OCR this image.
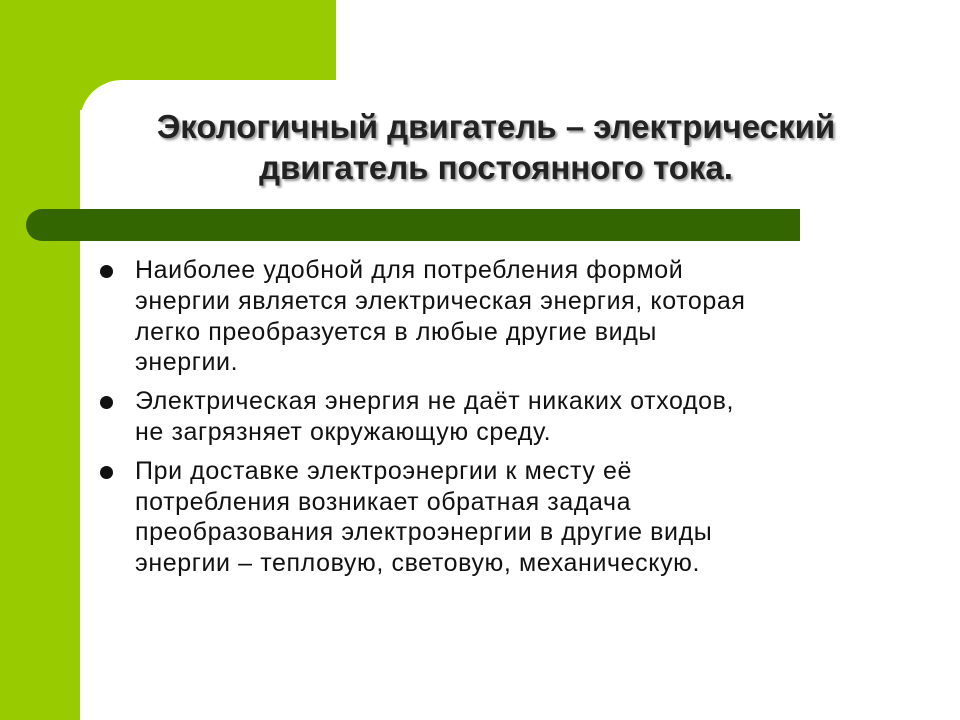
Экологичный двигатель – электрический
двигатель постоянного тока.
Наиболее удобной для потребления формой
энергии является электрическая энергия, которая
легко преобразуется в любые другие виды
энергии.
Электрическая энергия не даёт никаких отходов,
не загрязняет окружающую среду.
При доставке электроэнергии к месту её
потребления возникает обратная задача
преобразования электроэнергии в другие виды
энергии – тепловую, световую, механическую.
